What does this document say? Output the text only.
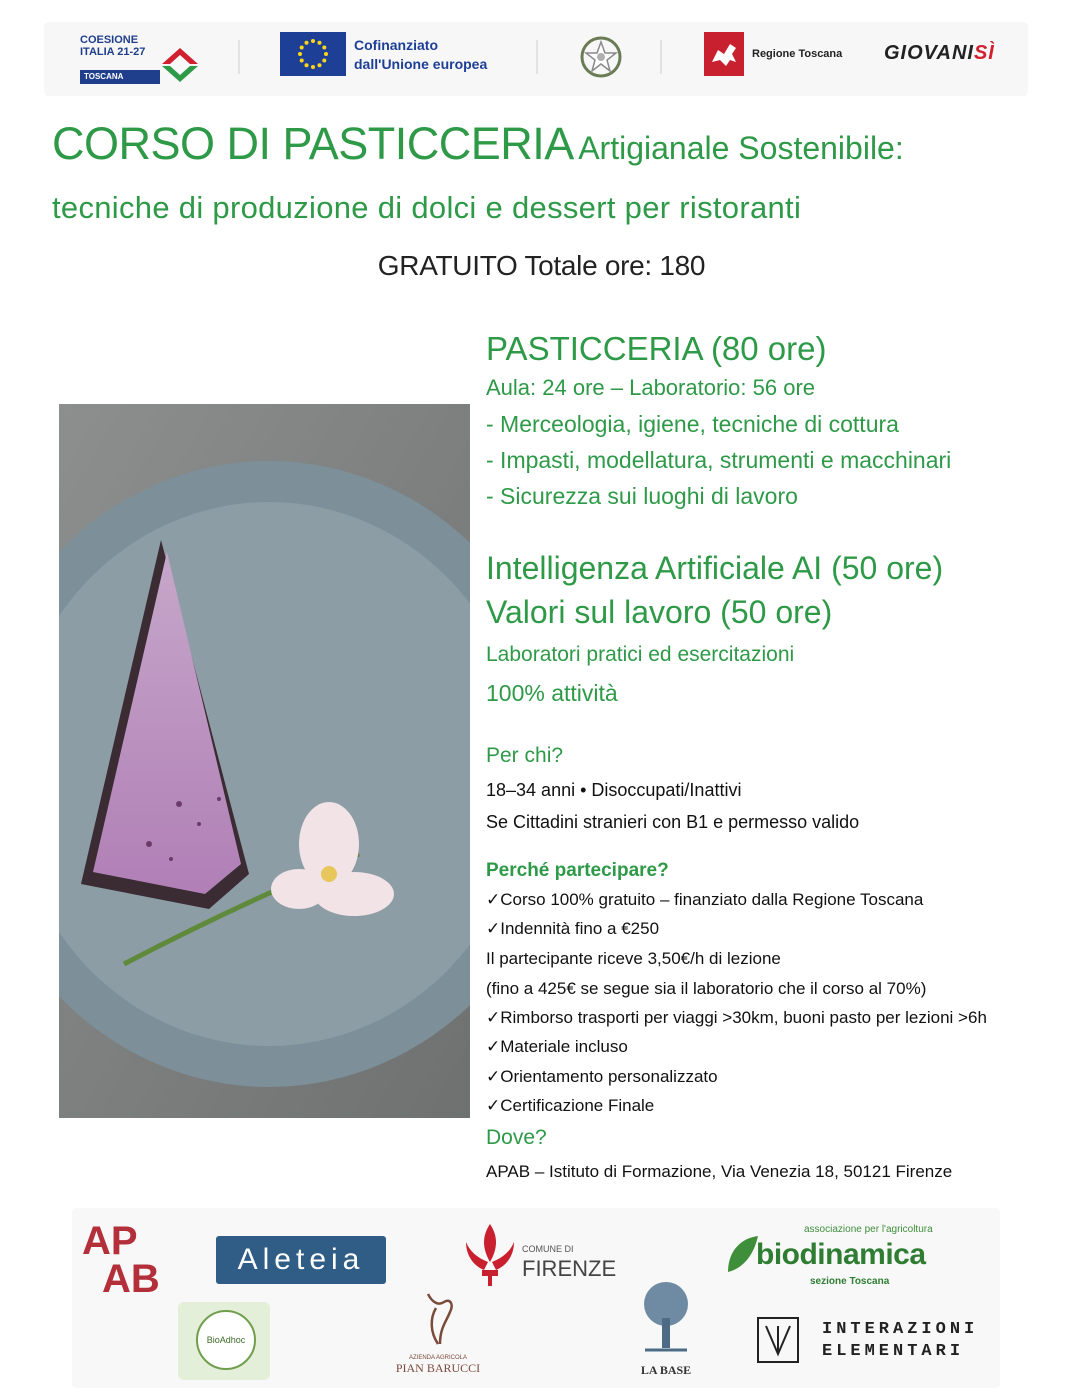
COESIONE
ITALIA 21-27
TOSCANA
Cofinanziato
dall'Unione europea
Regione Toscana GIOVANISÌ
CORSO DI PASTICCERIA Artigianale Sostenibile:
tecniche di produzione di dolci e dessert per ristoranti
GRATUITO Totale ore: 180
PASTICCERIA (80 ore)
Aula: 24 ore – Laboratorio: 56 ore
- Merceologia, igiene, tecniche di cottura
- Impasti, modellatura, strumenti e macchinari
- Sicurezza sui luoghi di lavoro
Intelligenza Artificiale AI (50 ore)
Valori sul lavoro (50 ore)
Laboratori pratici ed esercitazioni
100% attività
Per chi?
18–34 anni • Disoccupati/Inattivi
Se Cittadini stranieri con B1 e permesso valido
Perché partecipare?
✓Corso 100% gratuito – finanziato dalla Regione Toscana
✓Indennità fino a €250
Il partecipante riceve 3,50€/h di lezione
(fino a 425€ se segue sia il laboratorio che il corso al 70%)
✓Rimborso trasporti per viaggi >30km, buoni pasto per lezioni >6h
✓Materiale incluso
✓Orientamento personalizzato
✓Certificazione Finale
Dove?
APAB – Istituto di Formazione, Via Venezia 18, 50121 Firenze
AP
AB	Aleteia
BioAdhoc
COMUNE DI
FIRENZE
AZIENDA AGRICOLA
PIAN BARUCCI	LA BASE
associazione per l'agricoltura
biodinamica
sezione Toscana
INTERAZIONI
ELEMENTARI
